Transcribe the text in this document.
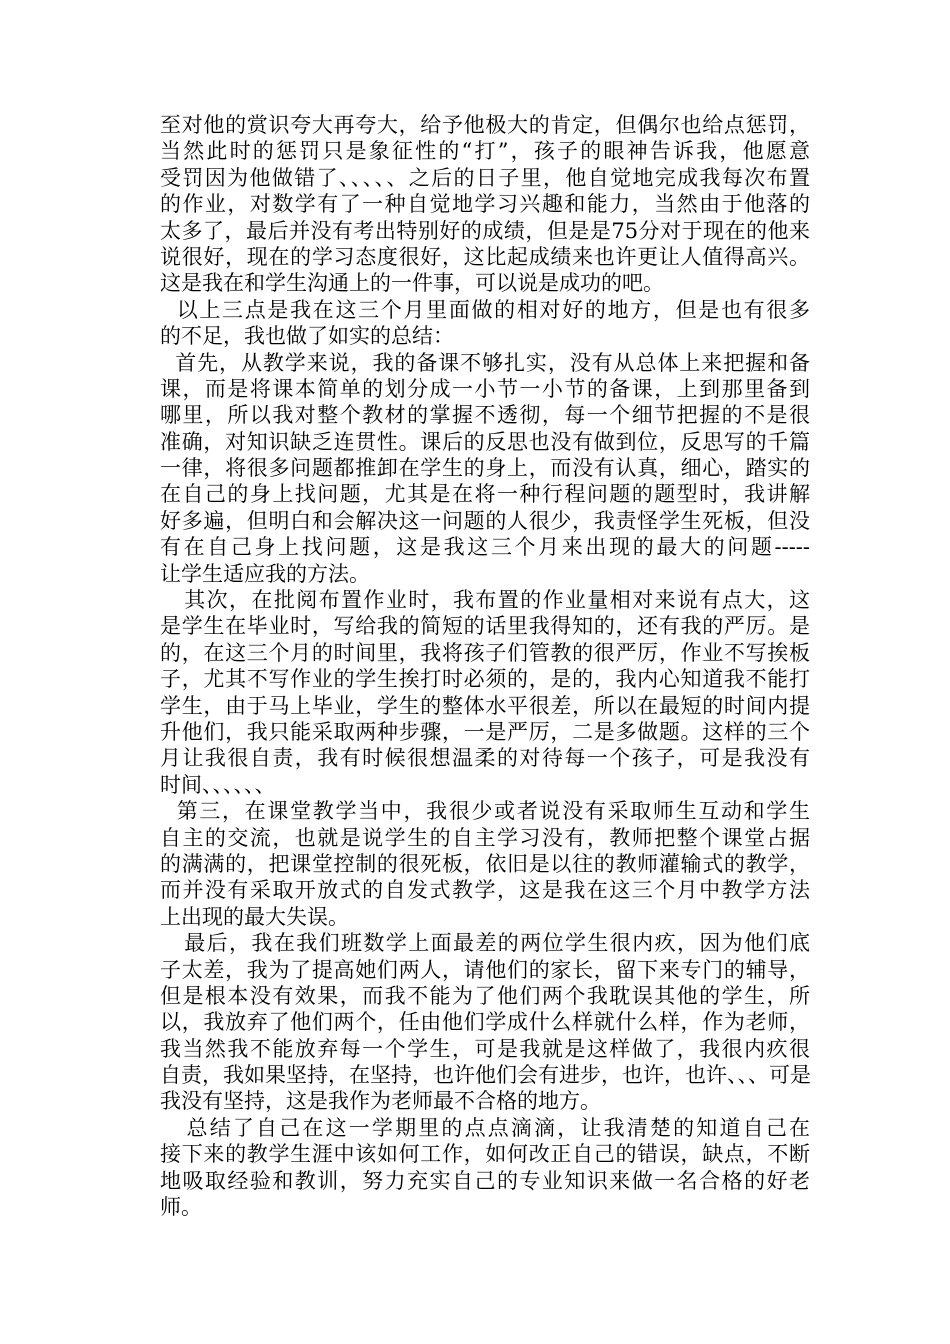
至对他的赏识夸大再夸大，给予他极大的肯定，但偶尔也给点惩罚，
当然此时的惩罚只是象征性的“打”，孩子的眼神告诉我，他愿意
受罚因为他做错了、、、、、之后的日子里，他自觉地完成我每次布置
的作业，对数学有了一种自觉地学习兴趣和能力，当然由于他落的
太多了，最后并没有考出特别好的成绩，但是是75分对于现在的他来
说很好，现在的学习态度很好，这比起成绩来也许更让人值得高兴。
这是我在和学生沟通上的一件事，可以说是成功的吧。
以上三点是我在这三个月里面做的相对好的地方，但是也有很多
的不足，我也做了如实的总结：
首先，从教学来说，我的备课不够扎实，没有从总体上来把握和备
课，而是将课本简单的划分成一小节一小节的备课，上到那里备到
哪里，所以我对整个教材的掌握不透彻，每一个细节把握的不是很
准确，对知识缺乏连贯性。课后的反思也没有做到位，反思写的千篇
一律，将很多问题都推卸在学生的身上，而没有认真，细心，踏实的
在自己的身上找问题，尤其是在将一种行程问题的题型时，我讲解
好多遍，但明白和会解决这一问题的人很少，我责怪学生死板，但没
有在自己身上找问题，这是我这三个月来出现的最大的问题-----
让学生适应我的方法。
其次，在批阅布置作业时，我布置的作业量相对来说有点大，这
是学生在毕业时，写给我的简短的话里我得知的，还有我的严厉。是
的，在这三个月的时间里，我将孩子们管教的很严厉，作业不写挨板
子，尤其不写作业的学生挨打时必须的，是的，我内心知道我不能打
学生，由于马上毕业，学生的整体水平很差，所以在最短的时间内提
升他们，我只能采取两种步骤，一是严厉，二是多做题。这样的三个
月让我很自责，我有时候很想温柔的对待每一个孩子，可是我没有
时间、、、、、、
第三，在课堂教学当中，我很少或者说没有采取师生互动和学生
自主的交流，也就是说学生的自主学习没有，教师把整个课堂占据
的满满的，把课堂控制的很死板，依旧是以往的教师灌输式的教学，
而并没有采取开放式的自发式教学，这是我在这三个月中教学方法
上出现的最大失误。
最后，我在我们班数学上面最差的两位学生很内疚，因为他们底
子太差，我为了提高她们两人，请他们的家长，留下来专门的辅导，
但是根本没有效果，而我不能为了他们两个我耽误其他的学生，所
以，我放弃了他们两个，任由他们学成什么样就什么样，作为老师，
我当然我不能放弃每一个学生，可是我就是这样做了，我很内疚很
自责，我如果坚持，在坚持，也许他们会有进步，也许，也许、、、可是
我没有坚持，这是我作为老师最不合格的地方。
总结了自己在这一学期里的点点滴滴，让我清楚的知道自己在
接下来的教学生涯中该如何工作，如何改正自己的错误，缺点，不断
地吸取经验和教训，努力充实自己的专业知识来做一名合格的好老
师。
